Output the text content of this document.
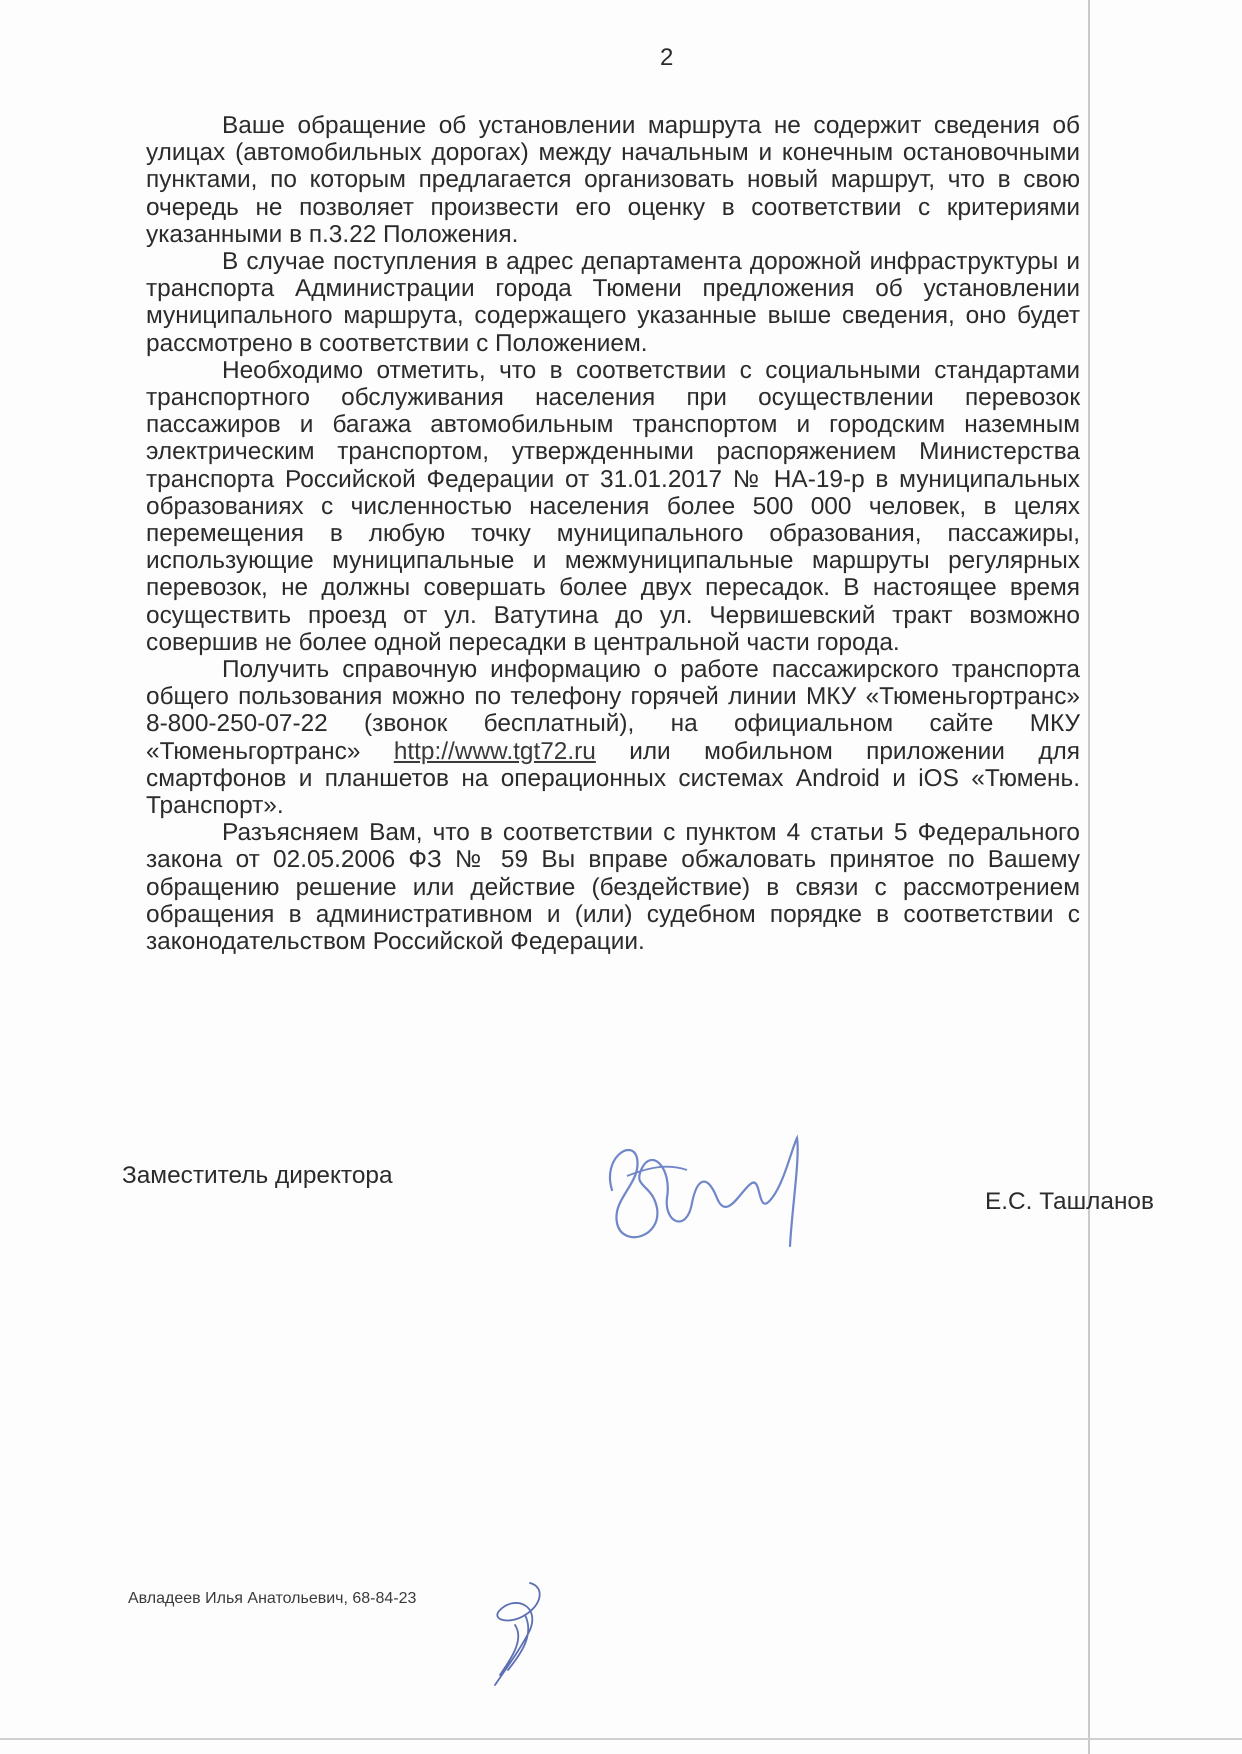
2

Ваше обращение об установлении маршрута не содержит сведения об улицах (автомобильных дорогах) между начальным и конечным остановочными пунктами, по которым предлагается организовать новый маршрут, что в свою очередь не позволяет произвести его оценку в соответствии с критериями указанными в п.3.22 Положения.

В случае поступления в адрес департамента дорожной инфраструктуры и транспорта Администрации города Тюмени предложения об установлении муниципального маршрута, содержащего указанные выше сведения, оно будет рассмотрено в соответствии с Положением.

Необходимо отметить, что в соответствии с социальными стандартами транспортного обслуживания населения при осуществлении перевозок пассажиров и багажа автомобильным транспортом и городским наземным электрическим транспортом, утвержденными распоряжением Министерства транспорта Российской Федерации от 31.01.2017 № НА-19-р в муниципальных образованиях с численностью населения более 500 000 человек, в целях перемещения в любую точку муниципального образования, пассажиры, использующие муниципальные и межмуниципальные маршруты регулярных перевозок, не должны совершать более двух пересадок. В настоящее время осуществить проезд от ул. Ватутина до ул. Червишевский тракт возможно совершив не более одной пересадки в центральной части города.

Получить справочную информацию о работе пассажирского транспорта общего пользования можно по телефону горячей линии МКУ «Тюменьгортранс» 8-800-250-07-22 (звонок бесплатный), на официальном сайте МКУ «Тюменьгортранс» http://www.tgt72.ru или мобильном приложении для смартфонов и планшетов на операционных системах Android и iOS «Тюмень. Транспорт».

Разъясняем Вам, что в соответствии с пунктом 4 статьи 5 Федерального закона от 02.05.2006 ФЗ № 59 Вы вправе обжаловать принятое по Вашему обращению решение или действие (бездействие) в связи с рассмотрением обращения в административном и (или) судебном порядке в соответствии с законодательством Российской Федерации.

Заместитель директора
Е.С. Ташланов
Авладеев Илья Анатольевич, 68-84-23
